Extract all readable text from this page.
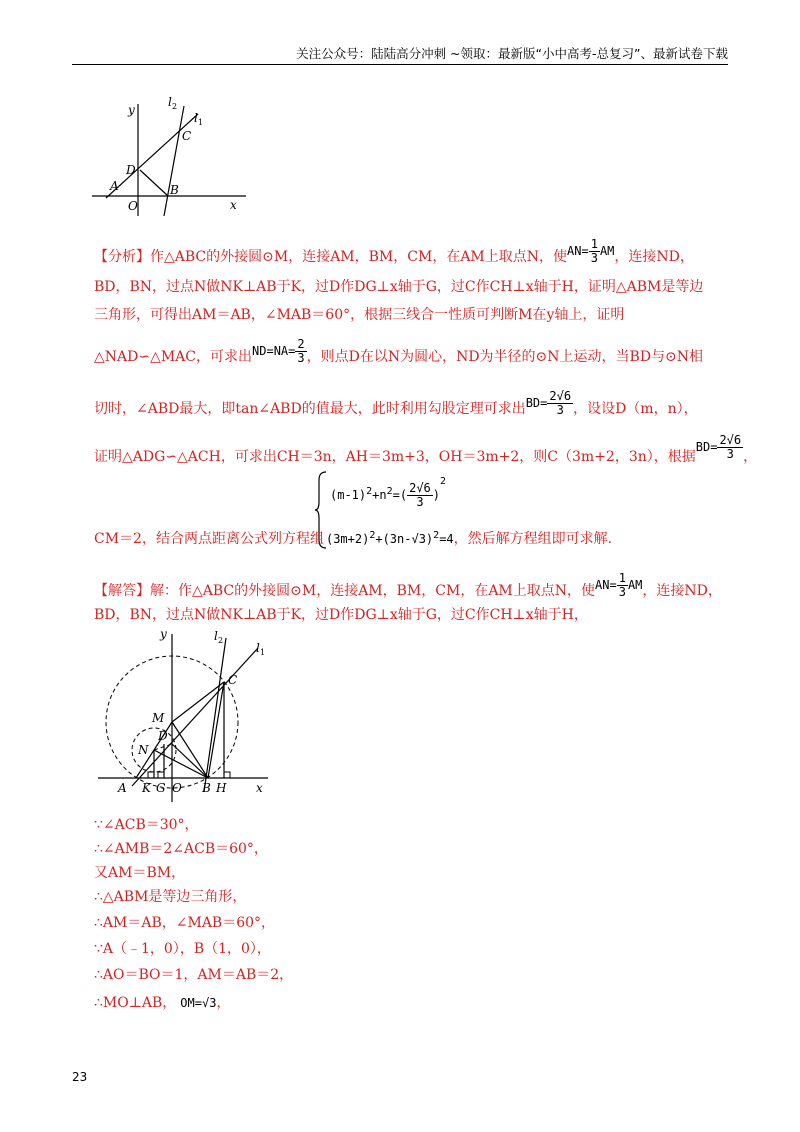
关注公众号：陆陆高分冲刺 ~领取：最新版“小中高考-总复习”、最新试卷下载
y
x
l 2
l 1
C
D
A	B
O
【分析】作△ABC的外接圆⊙M，连接AM，BM，CM，在AM上取点N，使$AN= \frac{1}{3}$ AM，连接ND，
BD，BN，过点N做NK⊥AB于K，过D作DG⊥x轴于G，过C作CH⊥x轴于H，证明△ABM是等边
三角形，可得出AM＝AB，∠MAB＝60°，根据三线合一性质可判断M在y轴上，证明
△NAD∽△MAC，可求出$ND=NA= \frac{2}{3}$ ，则点D在以N为圆心，ND为半径的⊙N上运动，当BD与⊙N相
切时，∠ABD最大，即tan∠ABD的值最大，此时利用勾股定理可求出$BD= \frac{2√6}{3}$ ，设设D（m，n），
证明△ADG∽△ACH，可求出CH＝3n，AH＝3m+3，OH＝3m+2，则C（3m+2，3n），根据$BD= \frac{2√6}{3}$ ，
$(m-1)^2+n^2=( \frac{2√6}{3} )^2$
CM＝2，结合两点距离公式列方程组 $(3m+2)^2+(3n-√3)^2=4$，然后解方程组即可求解.
【解答】解：作△ABC的外接圆⊙M，连接AM，BM，CM，在AM上取点N，使$AN= \frac{1}{3}$ AM，连接ND，
BD，BN，过点N做NK⊥AB于K，过D作DG⊥x轴于G，过C作CH⊥x轴于H，
y
x
l 2
l 1
C
M
D
N
A K G O B H
∵∠ACB＝30°，
∴∠AMB＝2∠ACB＝60°，
又AM＝BM，
∴△ABM是等边三角形，
∴AM＝AB，∠MAB＝60°，
∵A（﹣1，0），B（1，0），
∴AO＝BO＝1，AM＝AB＝2，
∴MO⊥AB， OM=√3，
23
